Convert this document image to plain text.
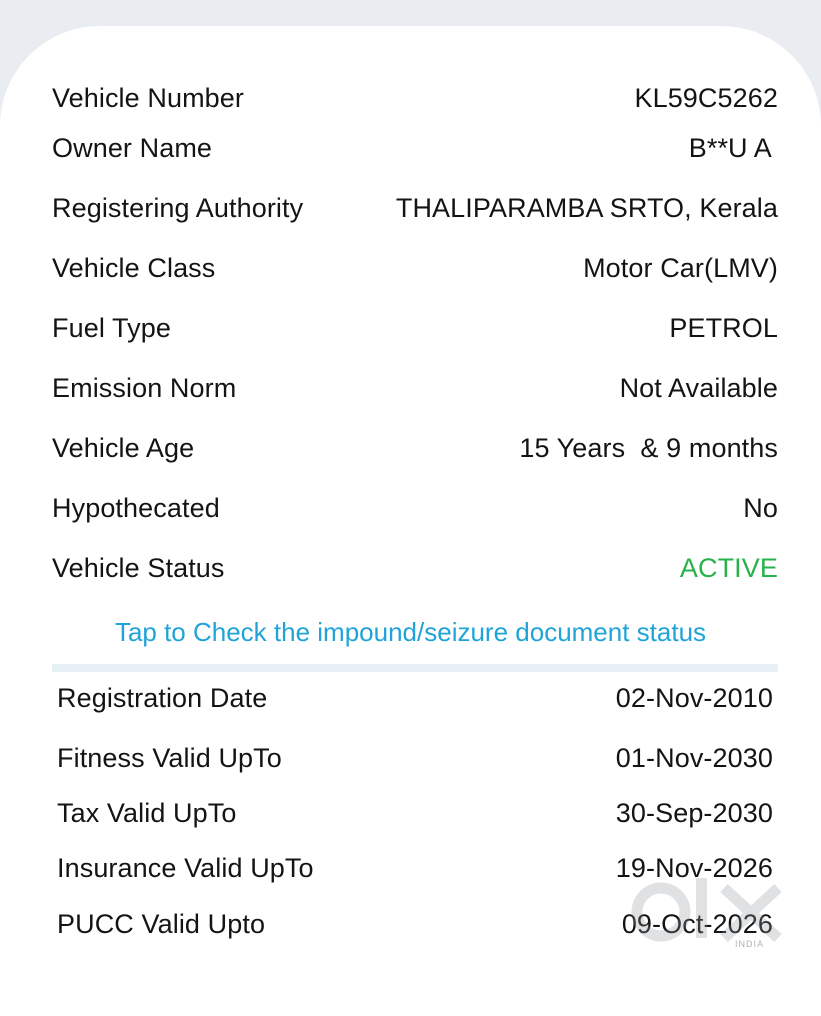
Vehicle Number	KL59C5262
Owner Name	B**U A
Registering Authority	THALIPARAMBA SRTO, Kerala
Vehicle Class	Motor Car(LMV)
Fuel Type	PETROL
Emission Norm	Not Available
Vehicle Age	15 Years  & 9 months
Hypothecated	No
Vehicle Status	ACTIVE
Tap to Check the impound/seizure document status
Registration Date	02-Nov-2010
Fitness Valid UpTo	01-Nov-2030
Tax Valid UpTo	30-Sep-2030
Insurance Valid UpTo	19-Nov-2026
PUCC Valid Upto	09-Oct-2026
INDIA
